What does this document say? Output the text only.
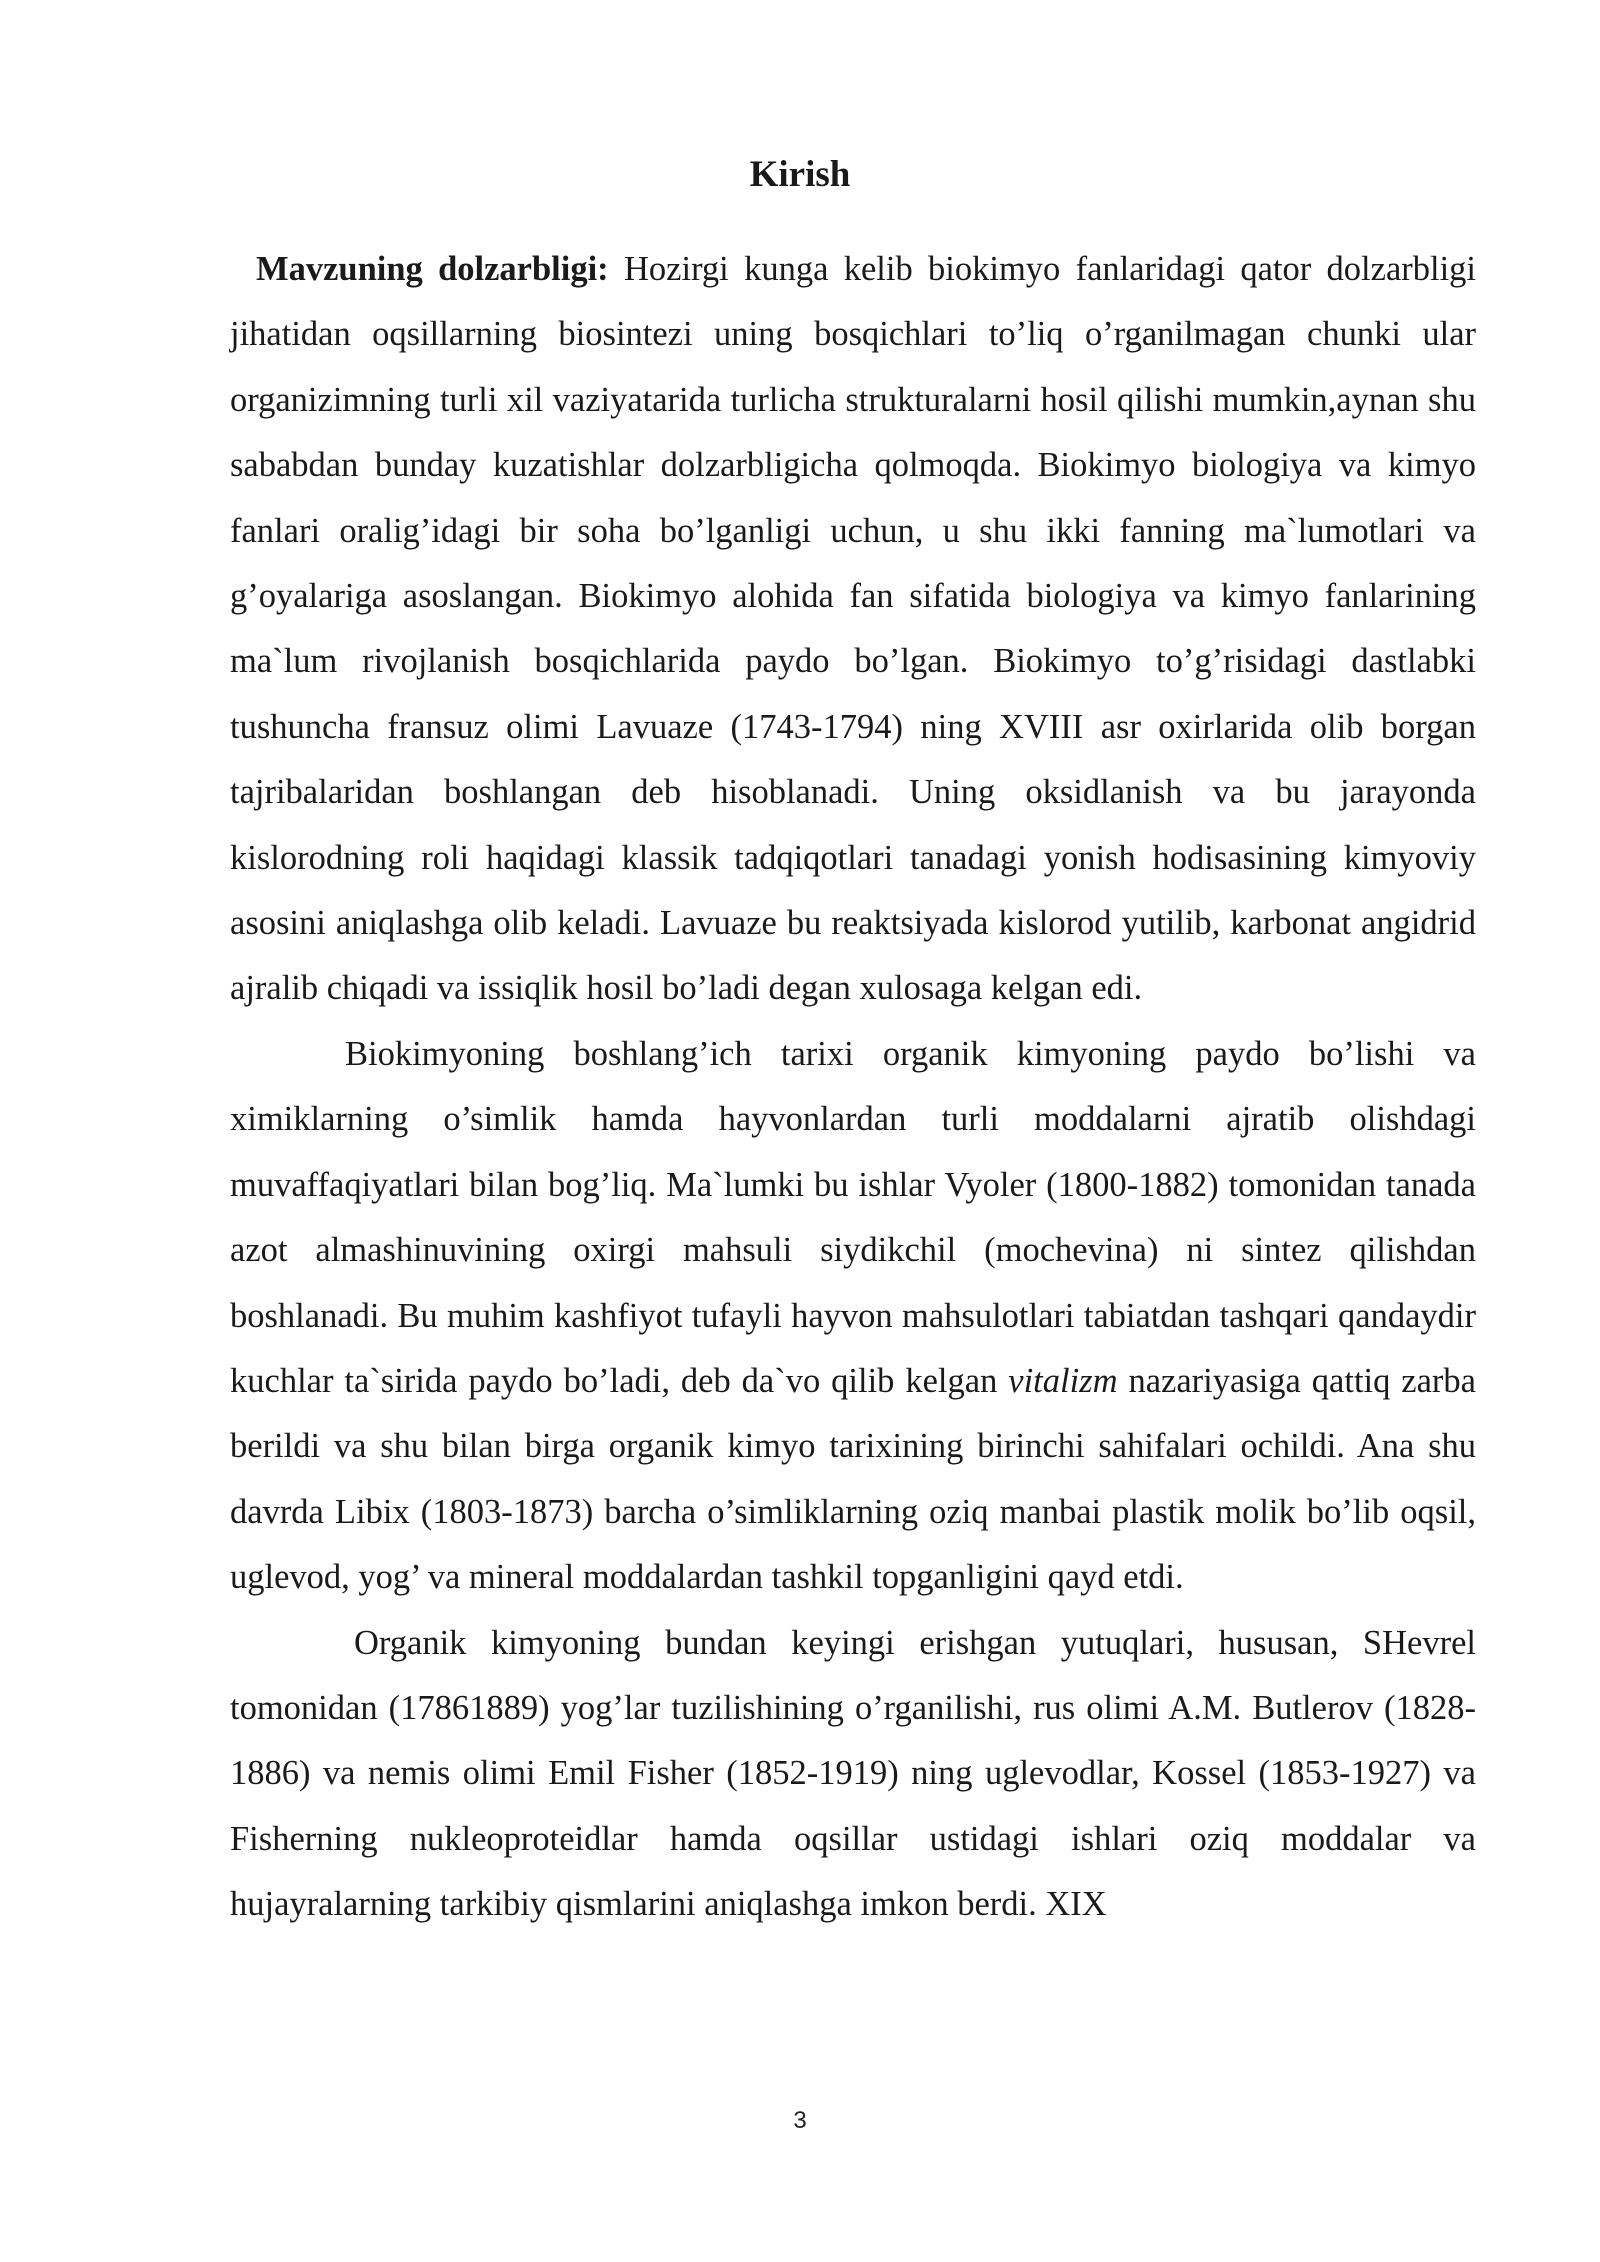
Kirish

Mavzuning dolzarbligi: Hozirgi kunga kelib biokimyo fanlaridagi qator dolzarbligi jihatidan oqsillarning biosintezi uning bosqichlari to’liq o’rganilmagan chunki ular organizimning turli xil vaziyatarida turlicha strukturalarni hosil qilishi mumkin,aynan shu sababdan bunday kuzatishlar dolzarbligicha qolmoqda. Biokimyo biologiya va kimyo fanlari oralig’idagi bir soha bo’lganligi uchun, u shu ikki fanning ma`lumotlari va g’oyalariga asoslangan. Biokimyo alohida fan sifatida biologiya va kimyo fanlarining ma`lum rivojlanish bosqichlarida paydo bo’lgan. Biokimyo to’g’risidagi dastlabki tushuncha fransuz olimi Lavuaze (1743-1794) ning XVIII asr oxirlarida olib borgan tajribalaridan boshlangan deb hisoblanadi. Uning oksidlanish va bu jarayonda kislorodning roli haqidagi klassik tadqiqotlari tanadagi yonish hodisasining kimyoviy asosini aniqlashga olib keladi. Lavuaze bu reaktsiyada kislorod yutilib, karbonat angidrid ajralib chiqadi va issiqlik hosil bo’ladi degan xulosaga kelgan edi.

Biokimyoning boshlang’ich tarixi organik kimyoning paydo bo’lishi va ximiklarning o’simlik hamda hayvonlardan turli moddalarni ajratib olishdagi muvaffaqiyatlari bilan bog’liq. Ma`lumki bu ishlar Vyoler (1800-1882) tomonidan tanada azot almashinuvining oxirgi mahsuli siydikchil (mochevina) ni sintez qilishdan boshlanadi. Bu muhim kashfiyot tufayli hayvon mahsulotlari tabiatdan tashqari qandaydir kuchlar ta`sirida paydo bo’ladi, deb da`vo qilib kelgan vitalizm nazariyasiga qattiq zarba berildi va shu bilan birga organik kimyo tarixining birinchi sahifalari ochildi. Ana shu davrda Libix (1803-1873) barcha o’simliklarning oziq manbai plastik molik bo’lib oqsil, uglevod, yog’ va mineral moddalardan tashkil topganligini qayd etdi.

Organik kimyoning bundan keyingi erishgan yutuqlari, hususan, SHevrel tomonidan (17861889) yog’lar tuzilishining o’rganilishi, rus olimi A.M. Butlerov (1828-1886) va nemis olimi Emil Fisher (1852-1919) ning uglevodlar, Kossel (1853-1927) va Fisherning nukleoproteidlar hamda oqsillar ustidagi ishlari oziq moddalar va hujayralarning tarkibiy qismlarini aniqlashga imkon berdi. XIX

3
